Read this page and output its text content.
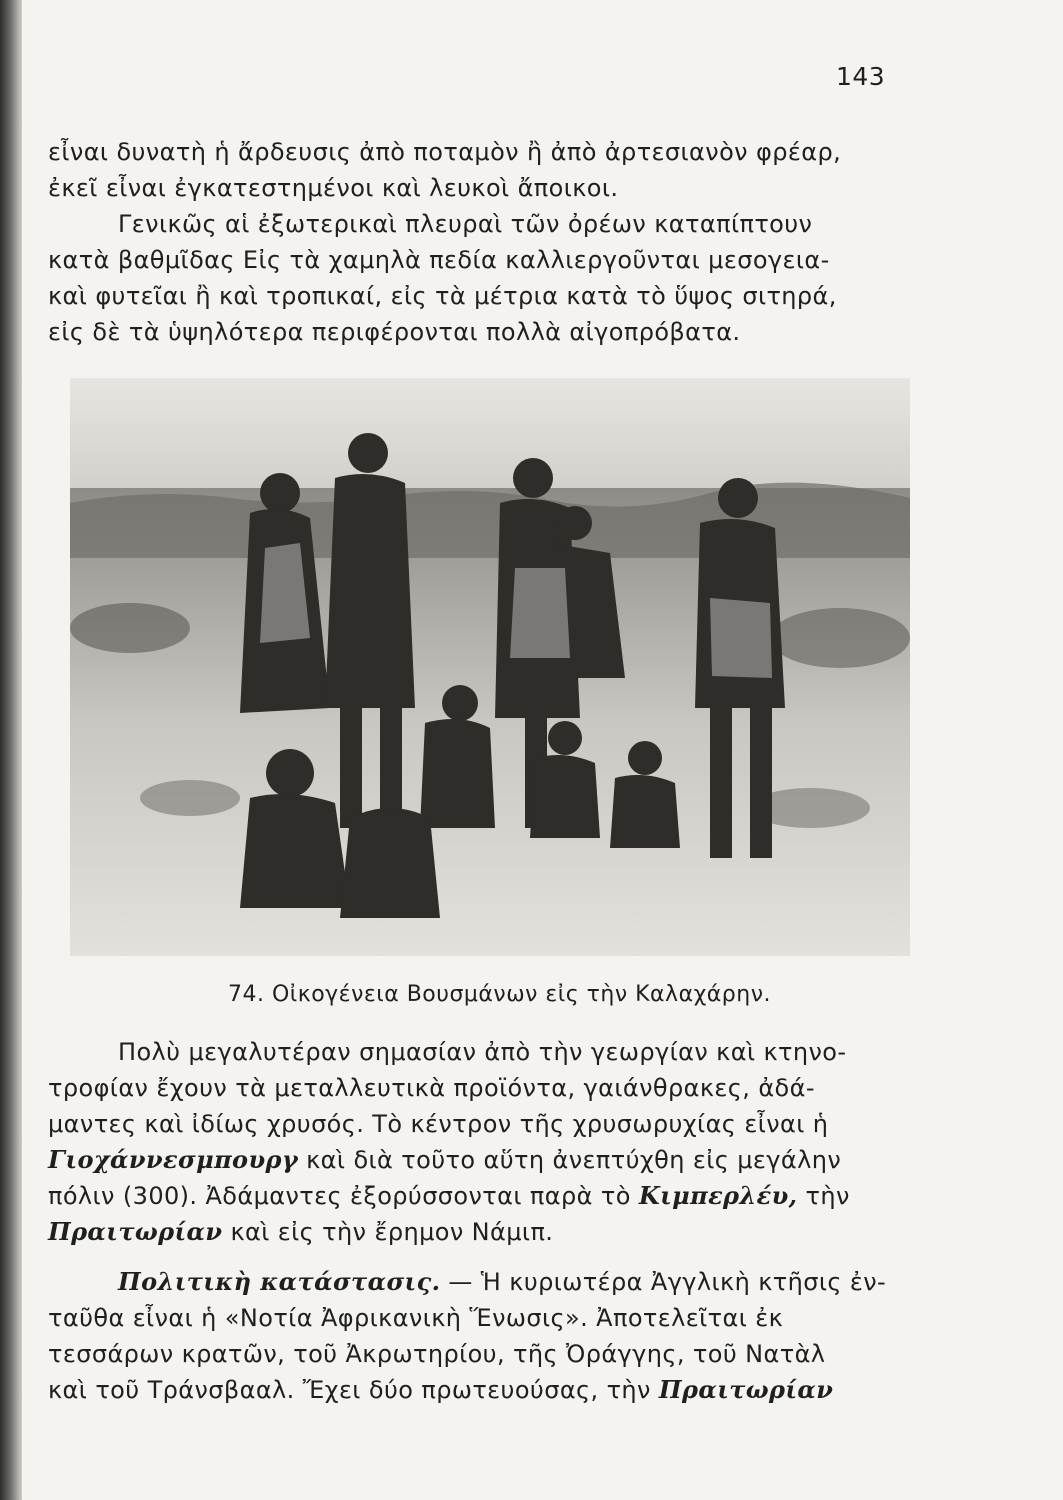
143
εἶναι δυνατὴ ἡ ἄρδευσις ἀπὸ ποταμὸν ἢ ἀπὸ ἀρτεσιανὸν φρέαρ,
ἐκεῖ εἶναι ἐγκατεστημένοι καὶ λευκοὶ ἄποικοι.
Γενικῶς αἱ ἐξωτερικαὶ πλευραὶ τῶν ὀρέων καταπίπτουν
κατὰ βαθμῖδας Εἰς τὰ χαμηλὰ πεδία καλλιεργοῦνται μεσογεια-
καὶ φυτεῖαι ἢ καὶ τροπικαί, εἰς τὰ μέτρια κατὰ τὸ ὕψος σιτηρά,
εἰς δὲ τὰ ὑψηλότερα περιφέρονται πολλὰ αἰγοπρόβατα.
74. Οἰκογένεια Βουσμάνων εἰς τὴν Καλαχάρην.
Πολὺ μεγαλυτέραν σημασίαν ἀπὸ τὴν γεωργίαν καὶ κτηνο-
τροφίαν ἔχουν τὰ μεταλλευτικὰ προϊόντα, γαιάνθρακες, ἀδά-
μαντες καὶ ἰδίως χρυσός. Τὸ κέντρον τῆς χρυσωρυχίας εἶναι ἡ
Γιοχάννεσμπουργ καὶ διὰ τοῦτο αὕτη ἀνεπτύχθη εἰς μεγάλην
πόλιν (300). Ἀδάμαντες ἐξορύσσονται παρὰ τὸ Κιμπερλέυ, τὴν
Πραιτωρίαν καὶ εἰς τὴν ἔρημον Νάμιπ.
Πολιτικὴ κατάστασις. — Ἡ κυριωτέρα Ἀγγλικὴ κτῆσις ἐν-
ταῦθα εἶναι ἡ «Νοτία Ἀφρικανικὴ Ἕνωσις». Ἀποτελεῖται ἐκ
τεσσάρων κρατῶν, τοῦ Ἀκρωτηρίου, τῆς Ὀράγγης, τοῦ Νατὰλ
καὶ τοῦ Τράνσβααλ. Ἔχει δύο πρωτευούσας, τὴν Πραιτωρίαν
